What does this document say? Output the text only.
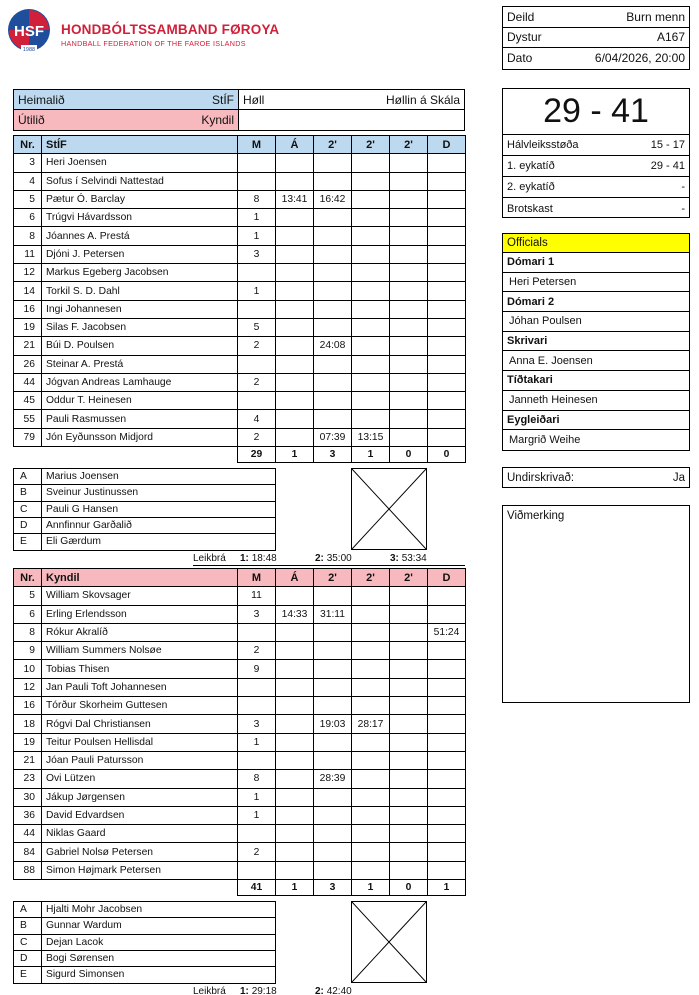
HSF
1988
HONDBÓLTSSAMBAND FØROYA
HANDBALL FEDERATION OF THE FAROE ISLANDS
Deild	Burn menn
Dystur	A167
Dato	6/04/2026, 20:00
Heimalið	StÍF Høll	Høllin á Skála
Útilið	Kyndil	29 - 41
Hálvleiksstøða	15 - 17
1. eykatíð	29 - 41
2. eykatíð	-
Brotskast	-
Officials
Dómari 1
Heri Petersen
Dómari 2
Jóhan Poulsen
Skrivari
Anna E. Joensen
Tíðtakari
Janneth Heinesen
Eygleiðari
Margrið Weihe
Undirskrivað:	Ja
Viðmerking
Nr.	StÍF	M	Á	2'	2'	2'	D
3	Heri Joensen						
4	Sofus í Selvindi Nattestad						
5	Pætur Ó. Barclay	8	13:41	16:42			
6	Trúgvi Hávardsson	1					
8	Jóannes A. Prestá	1					
11	Djóni J. Petersen	3					
12	Markus Egeberg Jacobsen						
14	Torkil S. D. Dahl	1					
16	Ingi Johannesen						
19	Silas F. Jacobsen	5					
21	Búi D. Poulsen	2		24:08			
26	Steinar A. Prestá						
44	Jógvan Andreas Lamhauge	2					
45	Oddur T. Heinesen						
55	Pauli Rasmussen	4					
79	Jón Eyðunsson Midjord	2		07:39	13:15		
		29	1	3	1	0	0
A	Marius Joensen	
B	Sveinur Justinussen	
C	Pauli G Hansen	
D	Annfinnur Garðalið	
E	Eli Gærdum	
Leikbrá 1: 18:48	2: 35:00	3: 53:34
Nr.	Kyndil	M	Á	2'	2'	2'	D
5	William Skovsager	11					
6	Erling Erlendsson	3	14:33	31:11			
8	Rókur Akralíð						51:24
9	William Summers Nolsøe	2					
10	Tobias Thisen	9					
12	Jan Pauli Toft Johannesen						
16	Tórður Skorheim Guttesen						
18	Rógvi Dal Christiansen	3		19:03	28:17		
19	Teitur Poulsen Hellisdal	1					
21	Jóan Pauli Patursson						
23	Ovi Lützen	8		28:39			
30	Jákup Jørgensen	1					
36	David Edvardsen	1					
44	Niklas Gaard						
84	Gabriel Nolsø Petersen	2					
88	Simon Højmark Petersen						
		41	1	3	1	0	1
A	Hjalti Mohr Jacobsen	
B	Gunnar Wardum	
C	Dejan Lacok	
D	Bogi Sørensen	
E	Sigurd Simonsen	
Leikbrá 1: 29:18	2: 42:40
